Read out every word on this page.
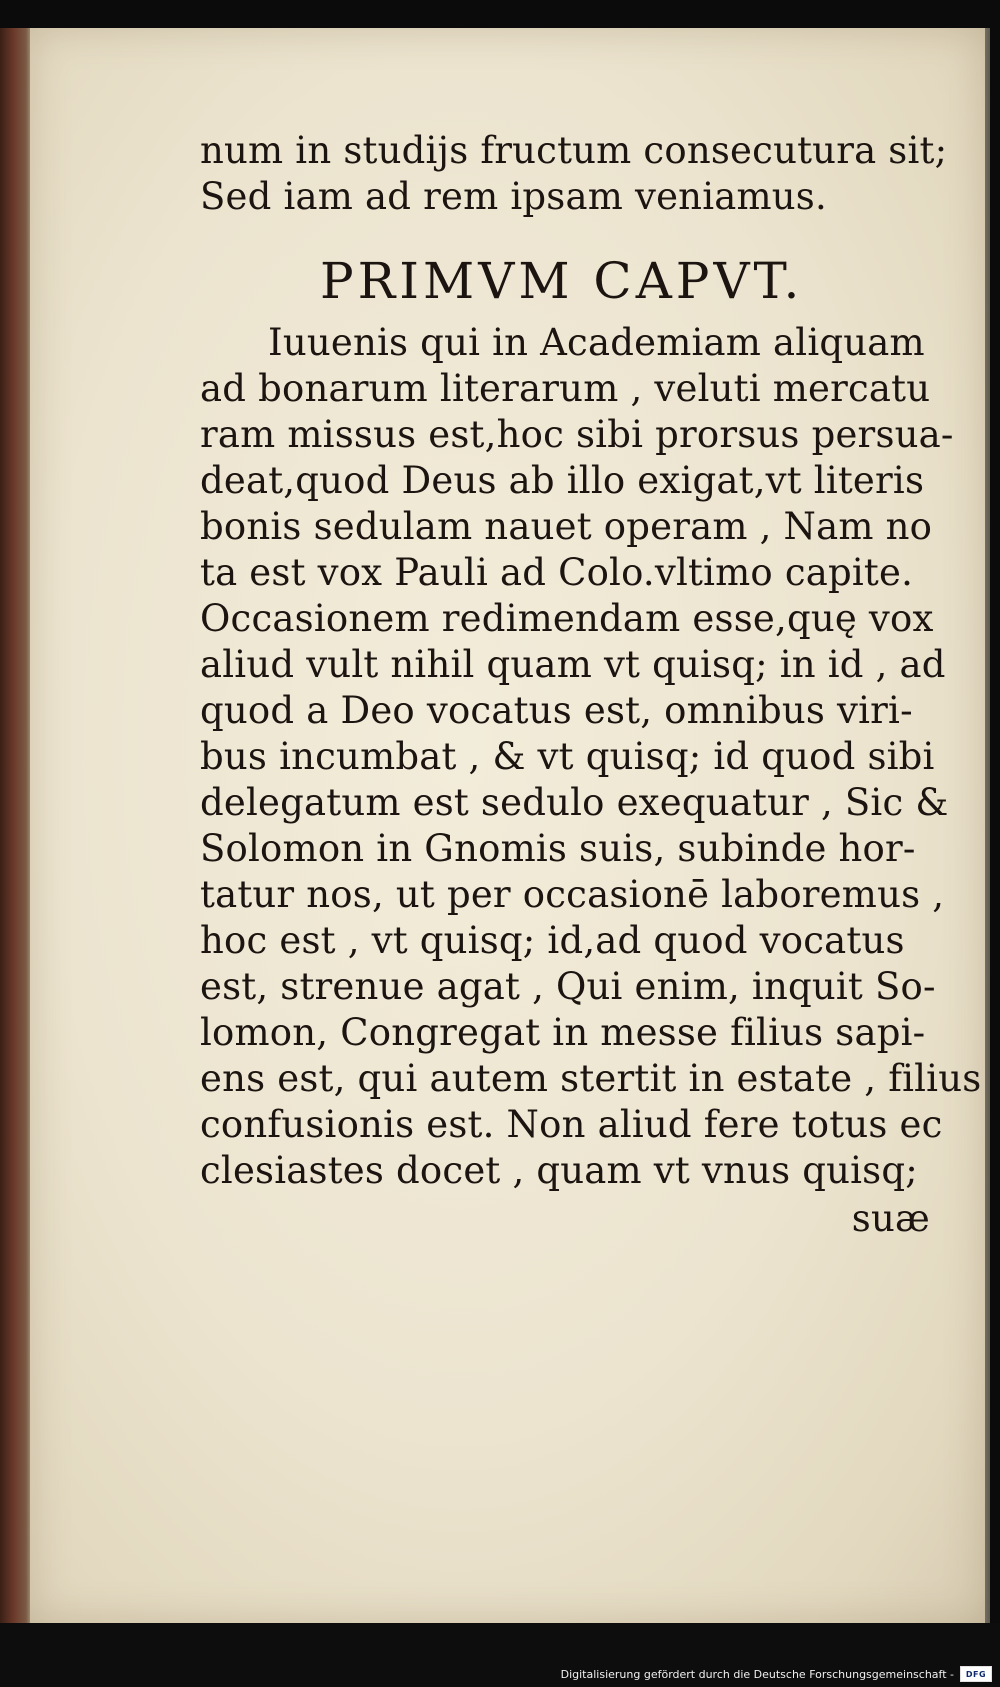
num in studijs fructum consecutura sit;
Sed iam ad rem ipsam veniamus.
PRIMVM CAPVT.
Iuuenis qui in Academiam aliquam
ad bonarum literarum , veluti mercatu
ram missus est,hoc sibi prorsus persua-
deat,quod Deus ab illo exigat,vt literis
bonis sedulam nauet operam , Nam no
ta est vox Pauli ad Colo.vltimo capite.
Occasionem redimendam esse,quę vox
aliud vult nihil quam vt quisq; in id , ad
quod a Deo vocatus est, omnibus viri-
bus incumbat , & vt quisq; id quod sibi
delegatum est sedulo exequatur , Sic &
Solomon in Gnomis suis, subinde hor-
tatur nos, ut per occasionē laboremus ,
hoc est , vt quisq; id,ad quod vocatus
est, strenue agat , Qui enim, inquit So-
lomon, Congregat in messe filius sapi-
ens est, qui autem stertit in estate , filius
confusionis est. Non aliud fere totus ec
clesiastes docet , quam vt vnus quisq;
suæ
Digitalisierung gefördert durch die Deutsche Forschungsgemeinschaft -	DFG
